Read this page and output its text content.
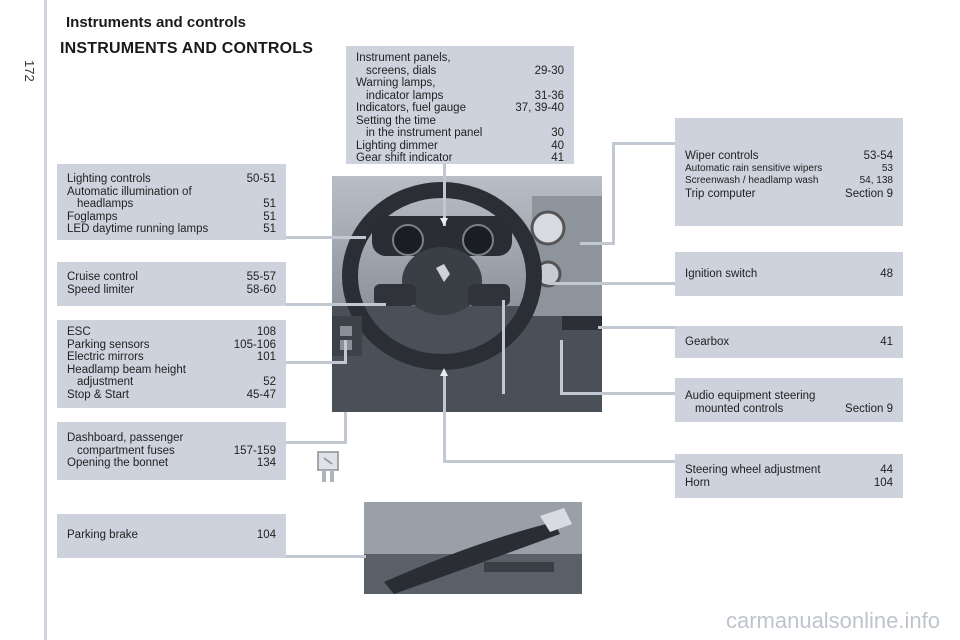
Instruments and controls
172
INSTRUMENTS AND CONTROLS
Instrument panels,
screens, dials	29-30
Warning lamps,
indicator lamps	31-36
Indicators, fuel gauge	37, 39-40
Setting the time
in the instrument panel	30
Lighting dimmer	40
Gear shift indicator	41
Lighting controls	50-51
Automatic illumination of
headlamps	51
Foglamps	51
LED daytime running lamps	51
Cruise control	55-57
Speed limiter	58-60
ESC	108
Parking sensors	105-106
Electric mirrors	101
Headlamp beam height
adjustment	52
Stop & Start	45-47
Dashboard, passenger
compartment fuses	157-159
Opening the bonnet	134
Parking brake	104
Wiper controls	53-54
Automatic rain sensitive wipers	53
Screenwash / headlamp wash	54, 138
Trip computer	Section 9
Ignition switch	48
Gearbox	41
Audio equipment steering
mounted controls	Section 9
Steering wheel adjustment	44
Horn	104
carmanualsonline.info
